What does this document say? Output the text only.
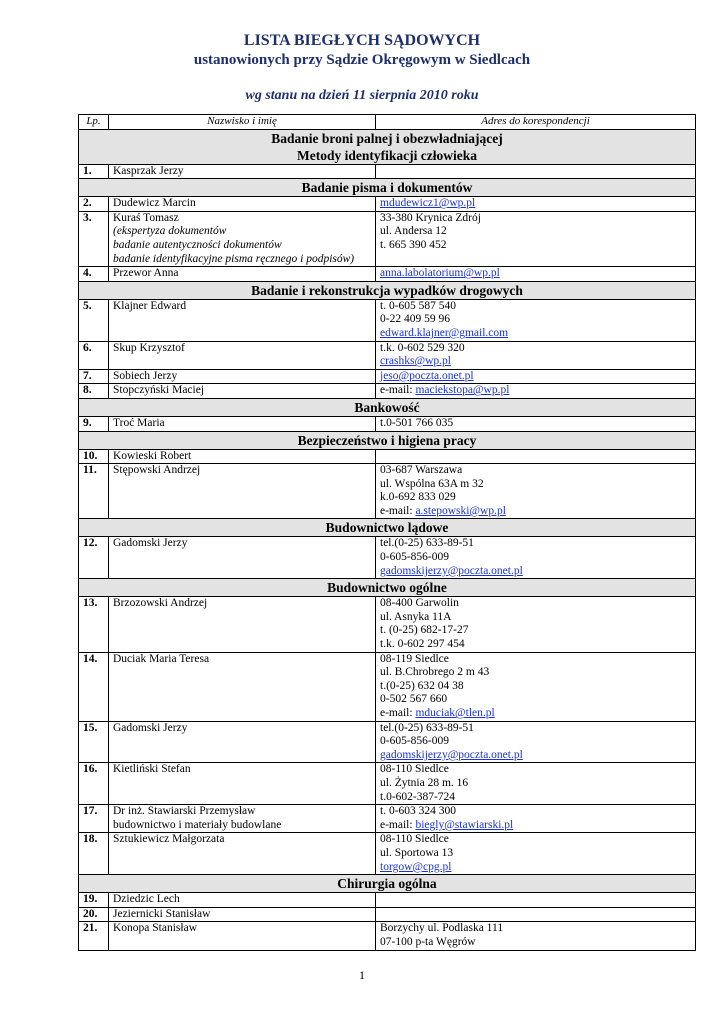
LISTA BIEGŁYCH SĄDOWYCH
ustanowionych przy Sądzie Okręgowym w Siedlcach
wg stanu na dzień 11 sierpnia 2010 roku
Lp.	Nazwisko i imię	Adres do korespondencji

Badanie broni palnej i obezwładniającej
Metody identyfikacji człowieka		

1.	Kasprzak Jerzy	

Badanie pisma i dokumentów		

2.	Dudewicz Marcin	mdudewicz1@wp.pl

3.	Kuraś Tomasz
(ekspertyza dokumentów
badanie autentyczności dokumentów
badanie identyfikacyjne pisma ręcznego i podpisów)	33-380 Krynica Zdrój
ul. Andersa 12
t. 665 390 452

4.	Przewor Anna	anna.labolatorium@wp.pl

Badanie i rekonstrukcja wypadków drogowych		

5.	Klajner Edward	t. 0-605 587 540
0-22 409 59 96
edward.klajner@gmail.com

6.	Skup Krzysztof	t.k. 0-602 529 320
crashks@wp.pl

7.	Sobiech Jerzy	jeso@poczta.onet.pl

8.	Stopczyński Maciej	e-mail: maciekstopa@wp.pl

Bankowość		

9.	Troć Maria	t.0-501 766 035

Bezpieczeństwo i higiena pracy		

10.	Kowieski Robert	

11.	Stępowski Andrzej	03-687 Warszawa
ul. Wspólna 63A m 32
k.0-692 833 029
e-mail: a.stepowski@wp.pl

Budownictwo lądowe		

12.	Gadomski Jerzy	tel.(0-25) 633-89-51
0-605-856-009
gadomskijerzy@poczta.onet.pl

Budownictwo ogólne		

13.	Brzozowski Andrzej	08-400 Garwolin
ul. Asnyka 11A
t. (0-25) 682-17-27
t.k. 0-602 297 454

14.	Duciak Maria Teresa	08-119 Siedlce
ul. B.Chrobrego 2 m 43
t.(0-25) 632 04 38
0-502 567 660
e-mail: mduciak@tlen.pl

15.	Gadomski Jerzy	tel.(0-25) 633-89-51
0-605-856-009
gadomskijerzy@poczta.onet.pl

16.	Kietliński Stefan	08-110 Siedlce
ul. Żytnia 28 m. 16
t.0-602-387-724

17.	Dr inż. Stawiarski Przemysław
budownictwo i materiały budowlane	t. 0-603 324 300
e-mail: biegly@stawiarski.pl

18.	Sztukiewicz Małgorzata	08-110 Siedlce
ul. Sportowa 13
torgow@cpg.pl

Chirurgia ogólna		

19.	Dziedzic Lech	

20.	Jeziernicki Stanisław	

21.	Konopa Stanisław	Borzychy ul. Podlaska 111
07-100 p-ta Węgrów
1
